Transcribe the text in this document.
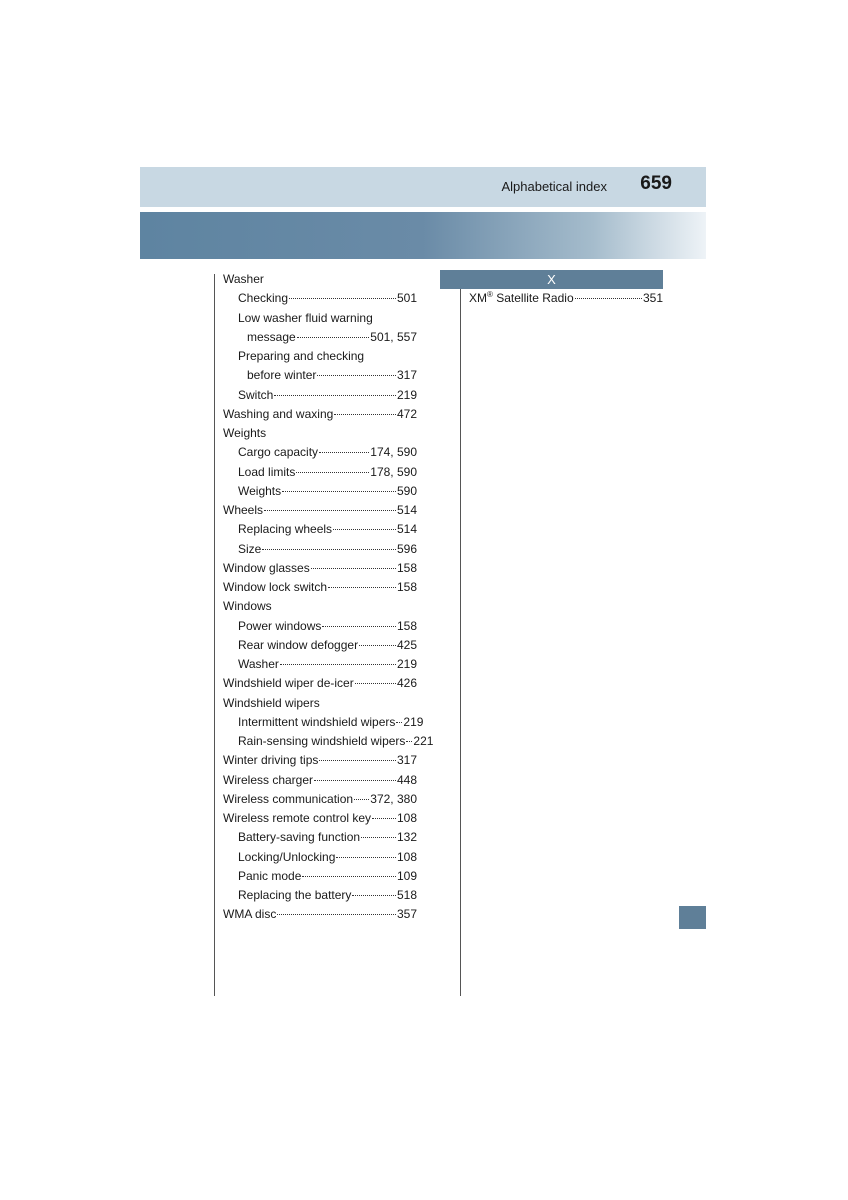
Alphabetical index 659
Washer
Checking	501
Low washer fluid warning
message	501, 557
Preparing and checking
before winter	317
Switch	219
Washing and waxing	472
Weights
Cargo capacity	174, 590
Load limits	178, 590
Weights	590
Wheels	514
Replacing wheels	514
Size	596
Window glasses	158
Window lock switch	158
Windows
Power windows	158
Rear window defogger	425
Washer	219
Windshield wiper de-icer	426
Windshield wipers
Intermittent windshield wipers 219
Rain-sensing windshield wipers 221
Winter driving tips	317
Wireless charger	448
Wireless communication 372, 380
Wireless remote control key 108
Battery-saving function	132
Locking/Unlocking	108
Panic mode	109
Replacing the battery	518
WMA disc	357
X
XM® Satellite Radio	351
